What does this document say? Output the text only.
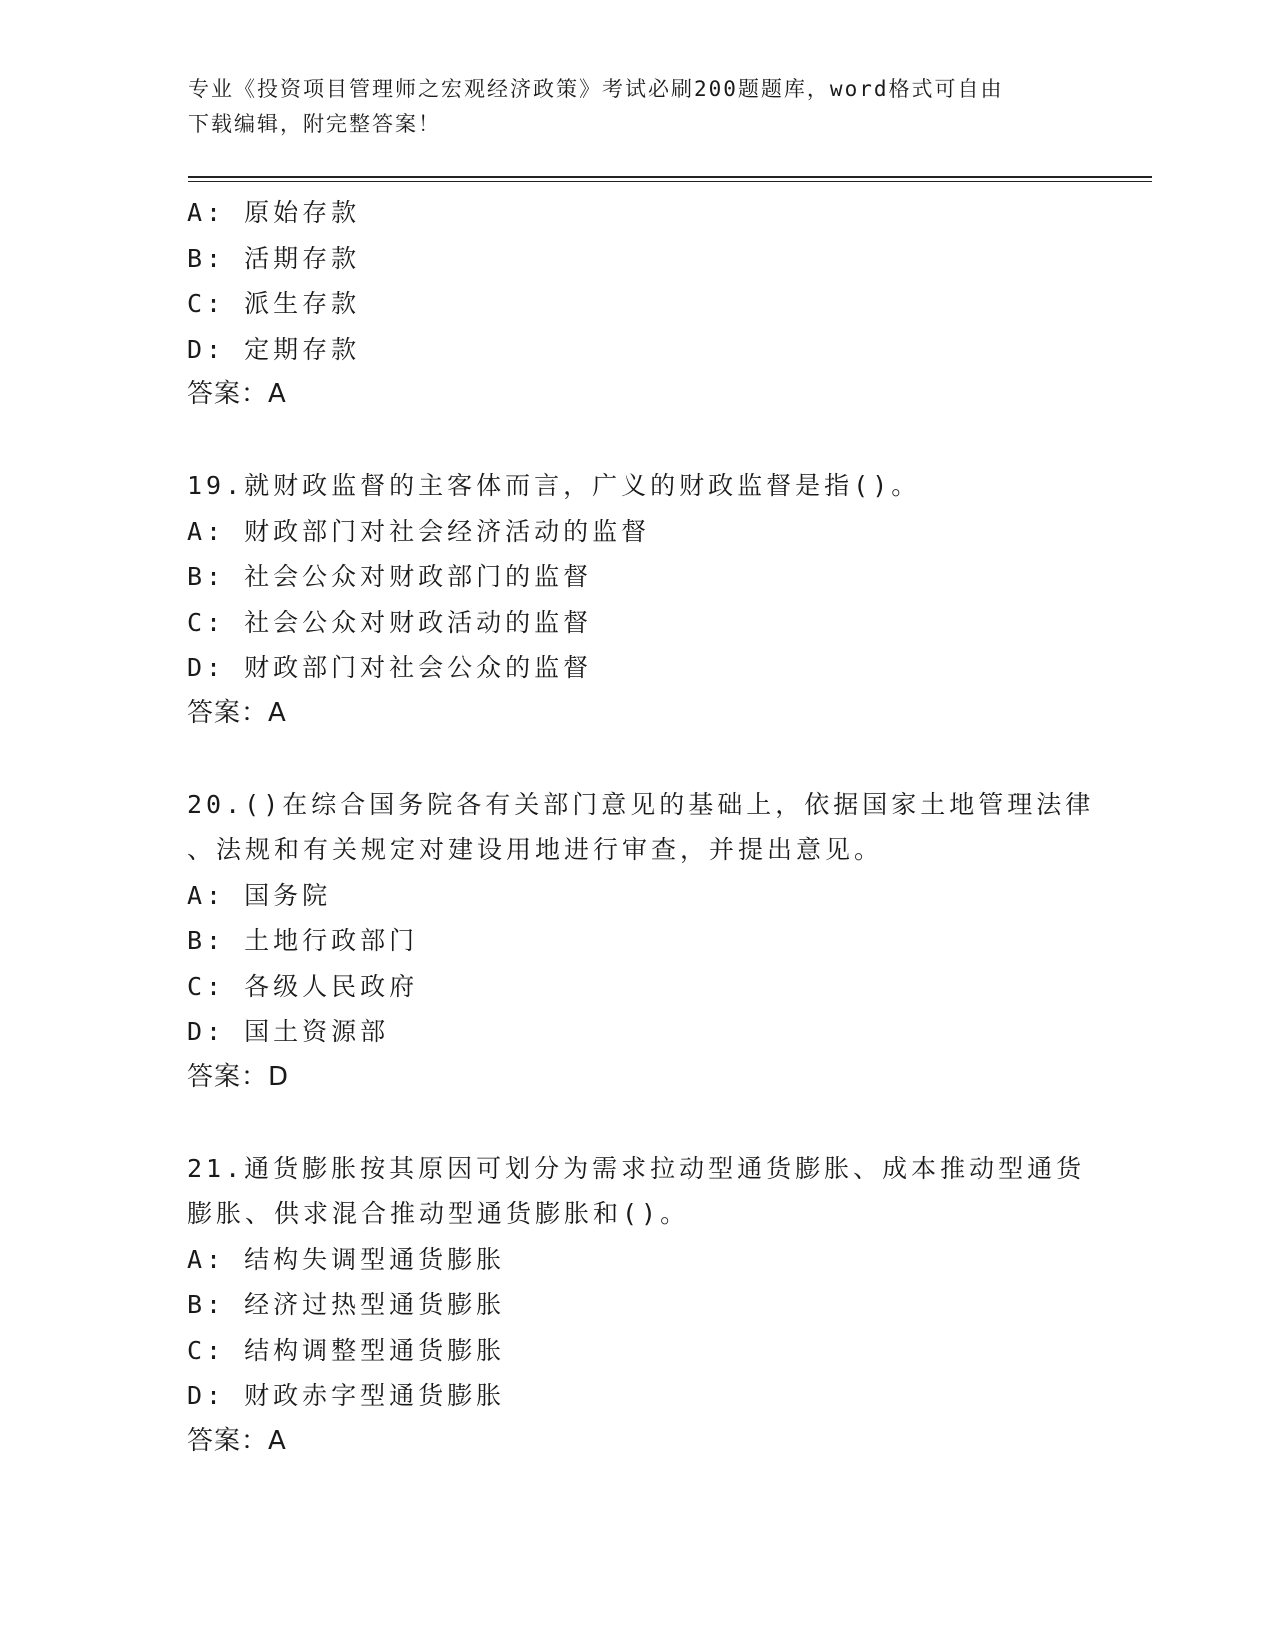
专业《投资项目管理师之宏观经济政策》考试必刷200题题库，word格式可自由
下载编辑，附完整答案！
A: 原始存款
B: 活期存款
C: 派生存款
D: 定期存款
答案：A
19.就财政监督的主客体而言，广义的财政监督是指()。
A: 财政部门对社会经济活动的监督
B: 社会公众对财政部门的监督
C: 社会公众对财政活动的监督
D: 财政部门对社会公众的监督
答案：A
20.()在综合国务院各有关部门意见的基础上，依据国家土地管理法律
、法规和有关规定对建设用地进行审查，并提出意见。
A: 国务院
B: 土地行政部门
C: 各级人民政府
D: 国土资源部
答案：D
21.通货膨胀按其原因可划分为需求拉动型通货膨胀、成本推动型通货
膨胀、供求混合推动型通货膨胀和()。
A: 结构失调型通货膨胀
B: 经济过热型通货膨胀
C: 结构调整型通货膨胀
D: 财政赤字型通货膨胀
答案：A
